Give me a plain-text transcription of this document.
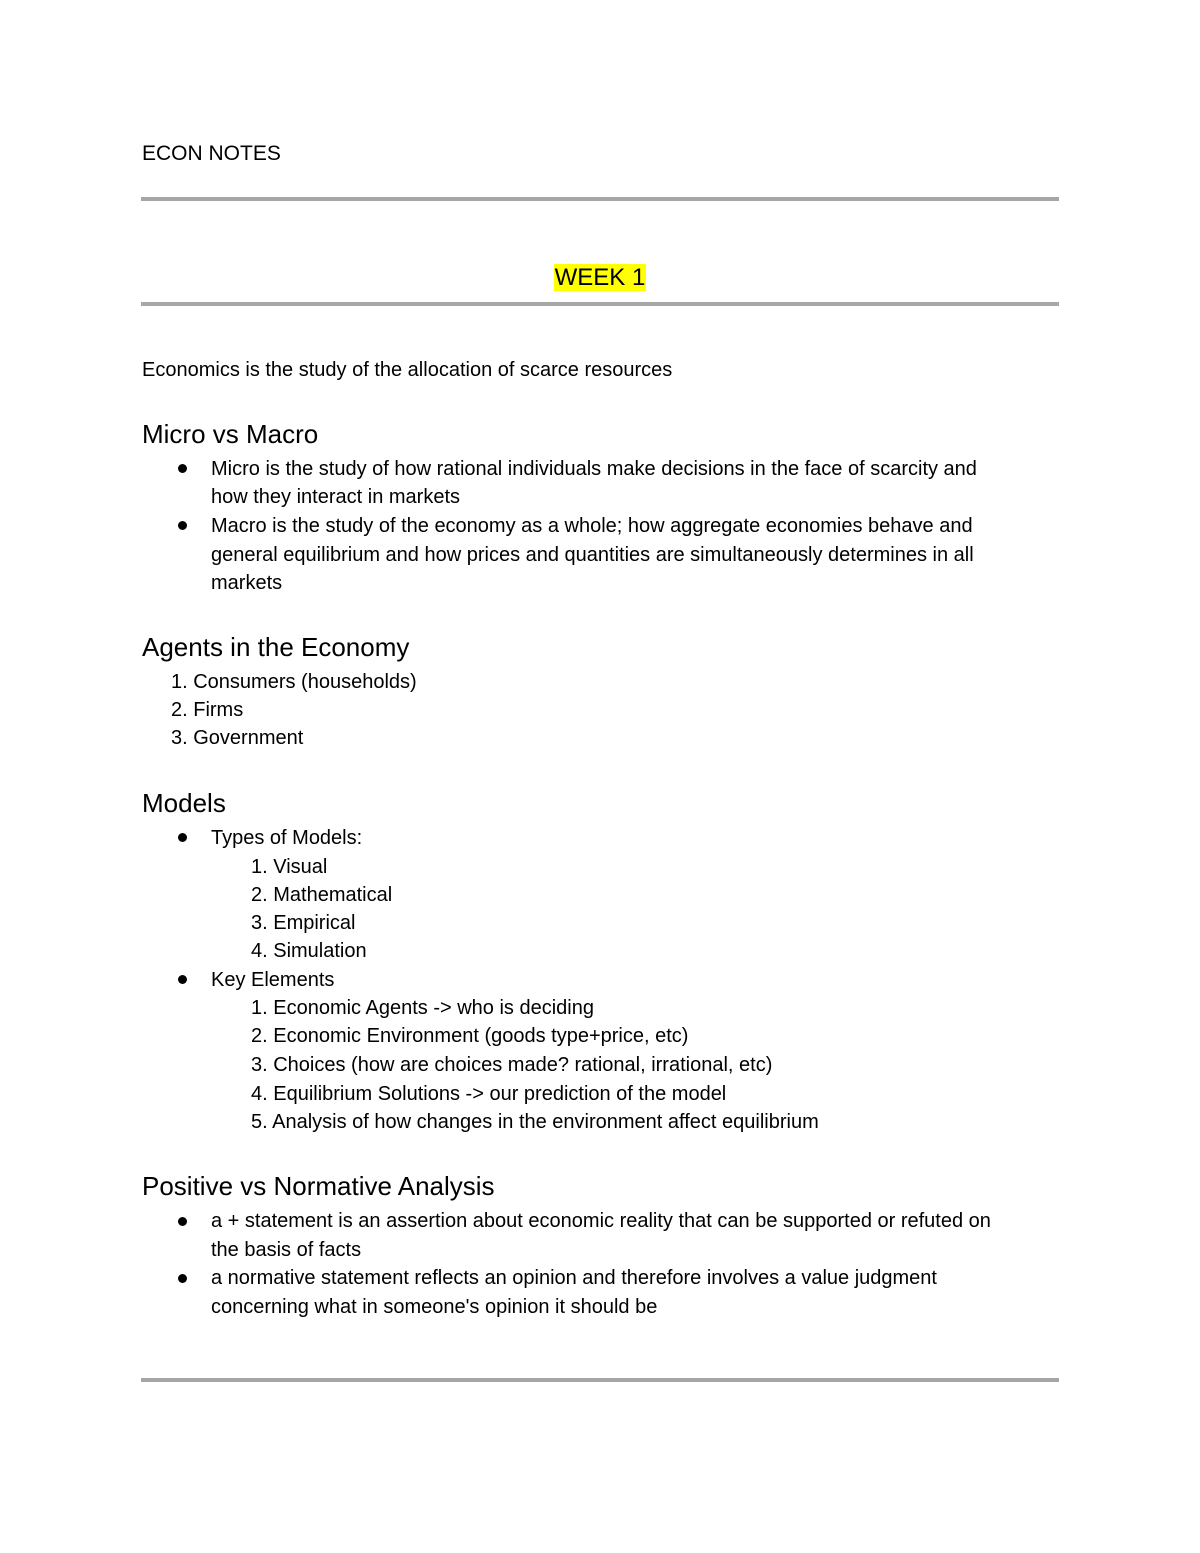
ECON NOTES
WEEK 1
Economics is the study of the allocation of scarce resources
Micro vs Macro
Micro is the study of how rational individuals make decisions in the face of scarcity and
how they interact in markets
Macro is the study of the economy as a whole; how aggregate economies behave and
general equilibrium and how prices and quantities are simultaneously determines in all
markets
Agents in the Economy
1. Consumers (households)
2. Firms
3. Government
Models
Types of Models:
1. Visual
2. Mathematical
3. Empirical
4. Simulation
Key Elements
1. Economic Agents -> who is deciding
2. Economic Environment (goods type+price, etc)
3. Choices (how are choices made? rational, irrational, etc)
4. Equilibrium Solutions -> our prediction of the model
5. Analysis of how changes in the environment affect equilibrium
Positive vs Normative Analysis
a + statement is an assertion about economic reality that can be supported or refuted on
the basis of facts
a normative statement reflects an opinion and therefore involves a value judgment
concerning what in someone's opinion it should be
